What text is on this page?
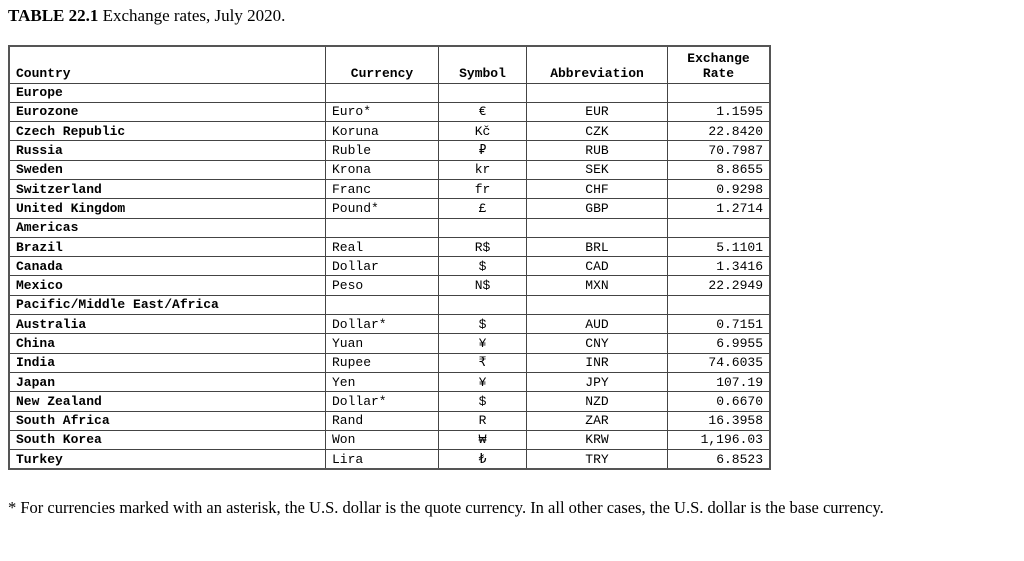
TABLE 22.1 Exchange rates, July 2020.
Country	Currency	Symbol	Abbreviation	Exchange
Rate
Europe				
Eurozone	Euro*	€	EUR	1.1595
Czech Republic	Koruna	Kč	CZK	22.8420
Russia	Ruble	₽	RUB	70.7987
Sweden	Krona	kr	SEK	8.8655
Switzerland	Franc	fr	CHF	0.9298
United Kingdom	Pound*	£	GBP	1.2714
Americas				
Brazil	Real	R$	BRL	5.1101
Canada	Dollar	$	CAD	1.3416
Mexico	Peso	N$	MXN	22.2949
Pacific/Middle East/Africa				
Australia	Dollar*	$	AUD	0.7151
China	Yuan	¥	CNY	6.9955
India	Rupee	₹	INR	74.6035
Japan	Yen	¥	JPY	107.19
New Zealand	Dollar*	$	NZD	0.6670
South Africa	Rand	R	ZAR	16.3958
South Korea	Won	₩	KRW	1,196.03
Turkey	Lira	₺	TRY	6.8523
* For currencies marked with an asterisk, the U.S. dollar is the quote currency. In all other cases, the U.S. dollar is the base currency.
